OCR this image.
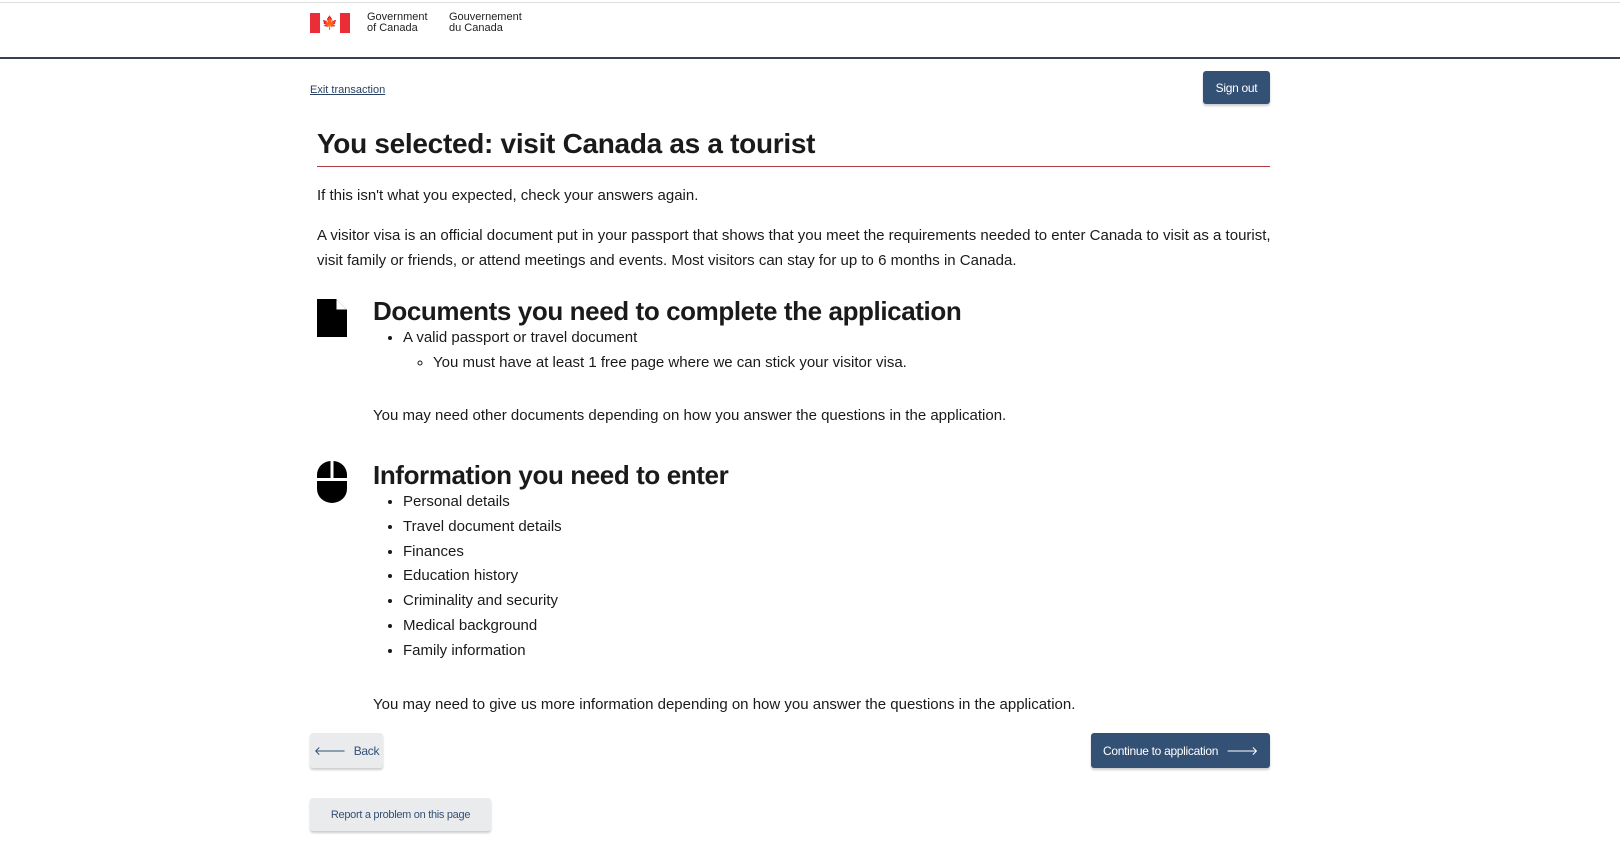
🍁	Government
of Canada
Gouvernement
du Canada
Exit transaction	Sign out
You selected: visit Canada as a tourist
If this isn't what you expected, check your answers again.
A visitor visa is an official document put in your passport that shows that you meet the requirements needed to enter Canada to visit as a tourist, visit family or friends, or attend meetings and events. Most visitors can stay for up to 6 months in Canada.
Documents you need to complete the application
• A valid passport or travel document
◦ You must have at least 1 free page where we can stick your visitor visa.
You may need other documents depending on how you answer the questions in the application.
Information you need to enter
• Personal details
• Travel document details
• Finances
• Education history
• Criminality and security
• Medical background
• Family information
You may need to give us more information depending on how you answer the questions in the application.
🡐 Back	Continue to application 🡒
Report a problem on this page
